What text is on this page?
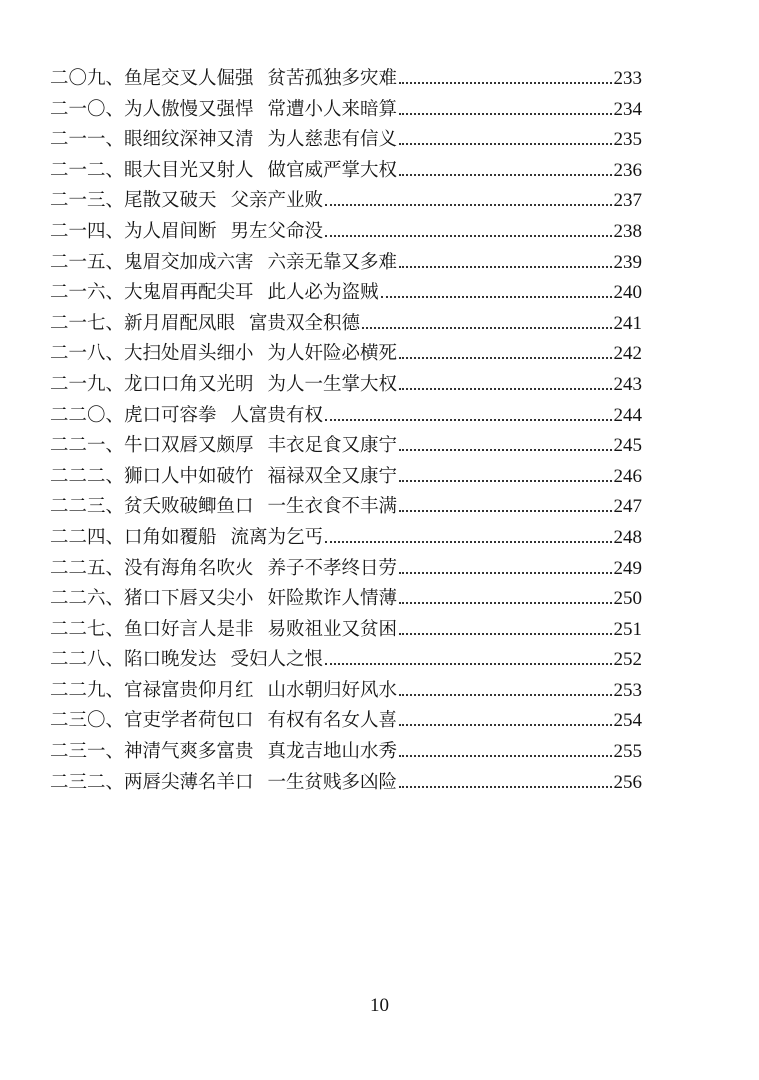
二〇九 、 鱼尾交叉人倔强 贫苦孤独多灾难	233
二一〇 、 为人傲慢又强悍 常遭小人来暗算	234
二一一 、 眼细纹深神又清 为人慈悲有信义	235
二一二 、 眼大目光又射人 做官威严掌大权	236
二一三 、 尾散又破天 父亲产业败	237
二一四 、 为人眉间断 男左父命没	238
二一五 、 鬼眉交加成六害 六亲无靠又多难	239
二一六 、 大鬼眉再配尖耳 此人必为盗贼	240
二一七 、 新月眉配凤眼 富贵双全积德	241
二一八 、 大扫处眉头细小 为人奸险必横死	242
二一九 、 龙口口角又光明 为人一生掌大权	243
二二〇 、 虎口可容拳 人富贵有权	244
二二一 、 牛口双唇又颇厚 丰衣足食又康宁	245
二二二 、 狮口人中如破竹 福禄双全又康宁	246
二二三 、 贫夭败破鲫鱼口 一生衣食不丰满	247
二二四 、 口角如覆船 流离为乞丐	248
二二五 、 没有海角名吹火 养子不孝终日劳	249
二二六 、 猪口下唇又尖小 奸险欺诈人情薄	250
二二七 、 鱼口好言人是非 易败祖业又贫困	251
二二八 、 陷口晚发达 受妇人之恨	252
二二九 、 官禄富贵仰月红 山水朝归好风水	253
二三〇 、 官吏学者荷包口 有权有名女人喜	254
二三一 、 神清气爽多富贵 真龙吉地山水秀	255
二三二 、 两唇尖薄名羊口 一生贫贱多凶险	256
10
